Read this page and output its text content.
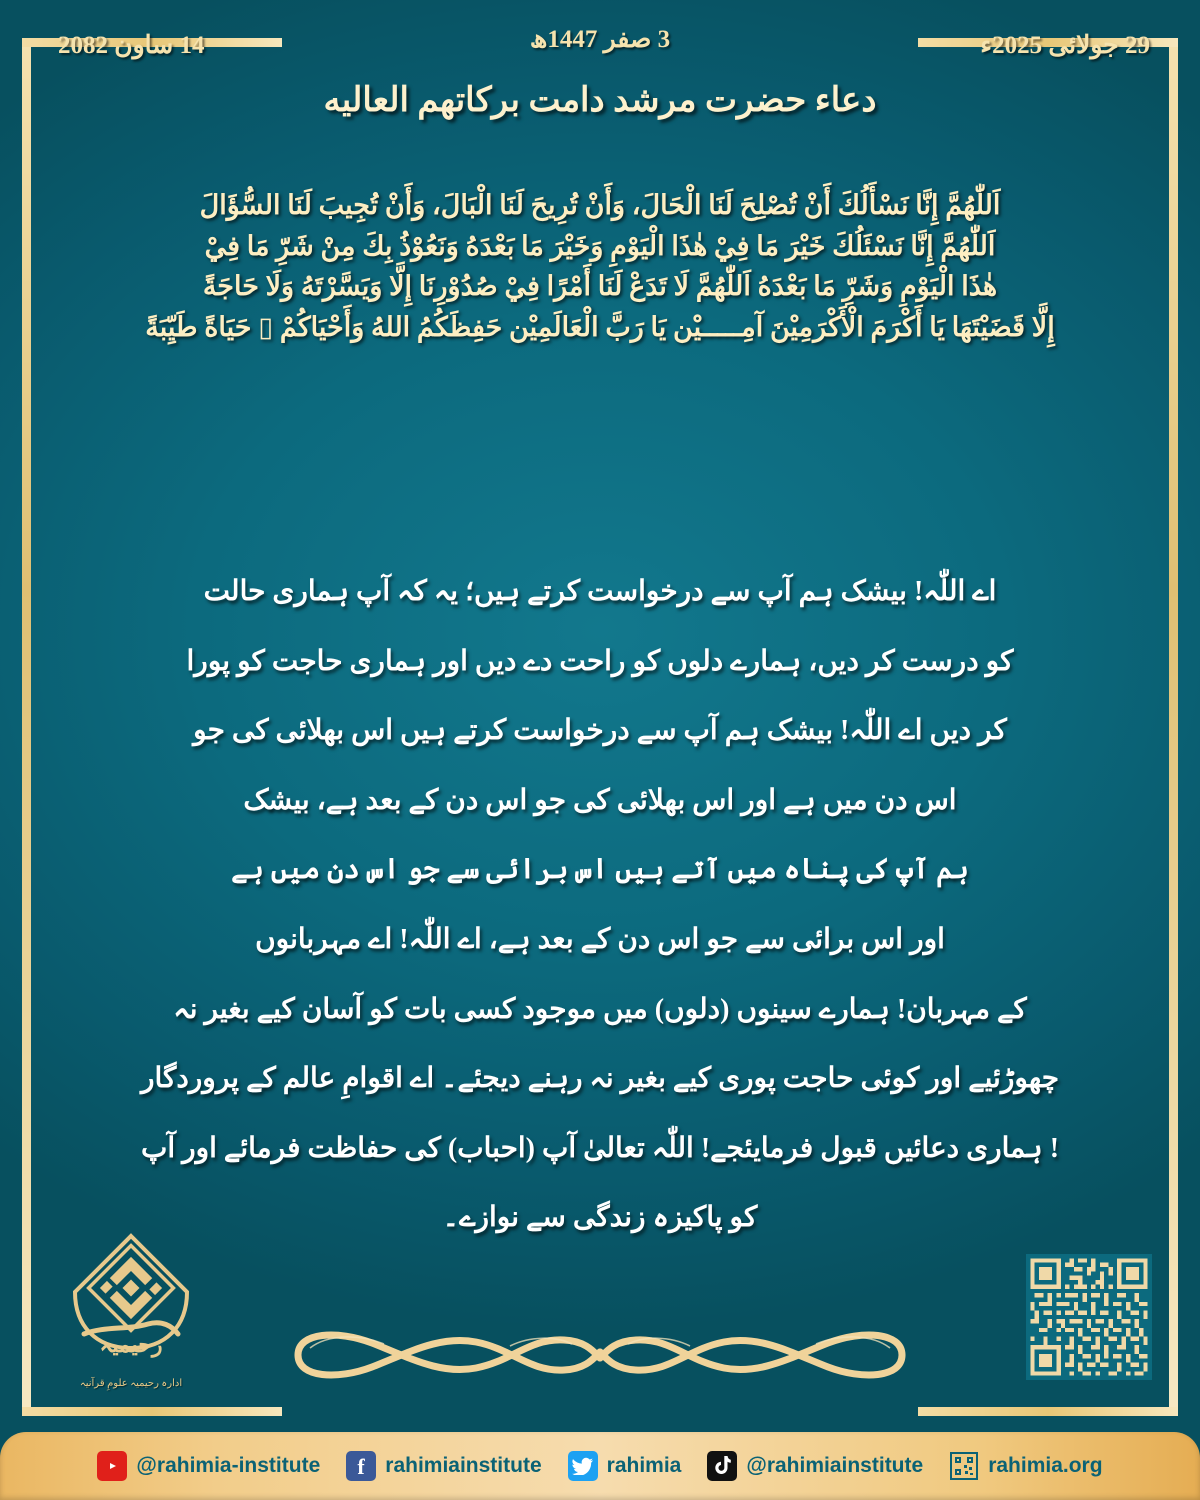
14 ساون 2082	3 صفر 1447ھ	29 جولائی 2025ء
دعاء حضرت مرشد دامت بركاتهم العاليه
اَللّٰهُمَّ إِنَّا نَسْأَلُكَ أَنْ تُصْلِحَ لَنَا الْحَالَ، وَأَنْ تُرِيحَ لَنَا الْبَالَ، وَأَنْ تُجِيبَ لَنَا السُّؤَالَ
اَللّٰهُمَّ إِنَّا نَسْئَلُكَ خَيْرَ مَا فِيْ هٰذَا الْيَوْمِ وَخَيْرَ مَا بَعْدَهُ وَنَعُوْذُ بِكَ مِنْ شَرِّ مَا فِيْ
هٰذَا الْيَوْمِ وَشَرِّ مَا بَعْدَهُ اَللّٰهُمَّ لَا تَدَعْ لَنَا أَمْرًا فِيْ صُدُوْرِنَا إِلَّا وَيَسَّرْتَهُ وَلَا حَاجَةً
إِلَّا قَضَيْتَهَا يَا أَكْرَمَ الْأَكْرَمِيْنَ آمِـــــيْن يَا رَبَّ الْعَالَمِيْن حَفِظَكُمُ اللهُ وَأَحْيَاكُمْ ▯ حَيَاةً طَيِّبَةً
اے اللّٰہ! بیشک ہم آپ سے درخواست کرتے ہیں؛ یہ کہ آپ ہماری حالت
کو درست کر دیں، ہمارے دلوں کو راحت دے دیں اور ہماری حاجت کو پورا
کر دیں اے اللّٰہ! بیشک ہم آپ سے درخواست کرتے ہیں اس بھلائی کی جو
اس دن میں ہے اور اس بھلائی کی جو اس دن کے بعد ہے، بیشک
ہم آپ کی پناہ میں آتے ہیں اس برائی سے جو اس دن میں ہے
اور اس برائی سے جو اس دن کے بعد ہے، اے اللّٰہ! اے مہربانوں
کے مہربان! ہمارے سینوں (دلوں) میں موجود کسی بات کو آسان کیے بغیر نہ
چھوڑئیے اور کوئی حاجت پوری کیے بغیر نہ رہنے دیجئے۔ اے اقوامِ عالم کے پروردگار
! ہماری دعائیں قبول فرمایئجے! اللّٰہ تعالیٰ آپ (احباب) کی حفاظت فرمائے اور آپ
کو پاکیزہ زندگی سے نوازے۔
رحیمیہ
ادارہ رحیمیہ علومِ قرآنیہ
@rahimia-institute f rahimiainstitute	rahimia	@rahimiainstitute	rahimia.org
